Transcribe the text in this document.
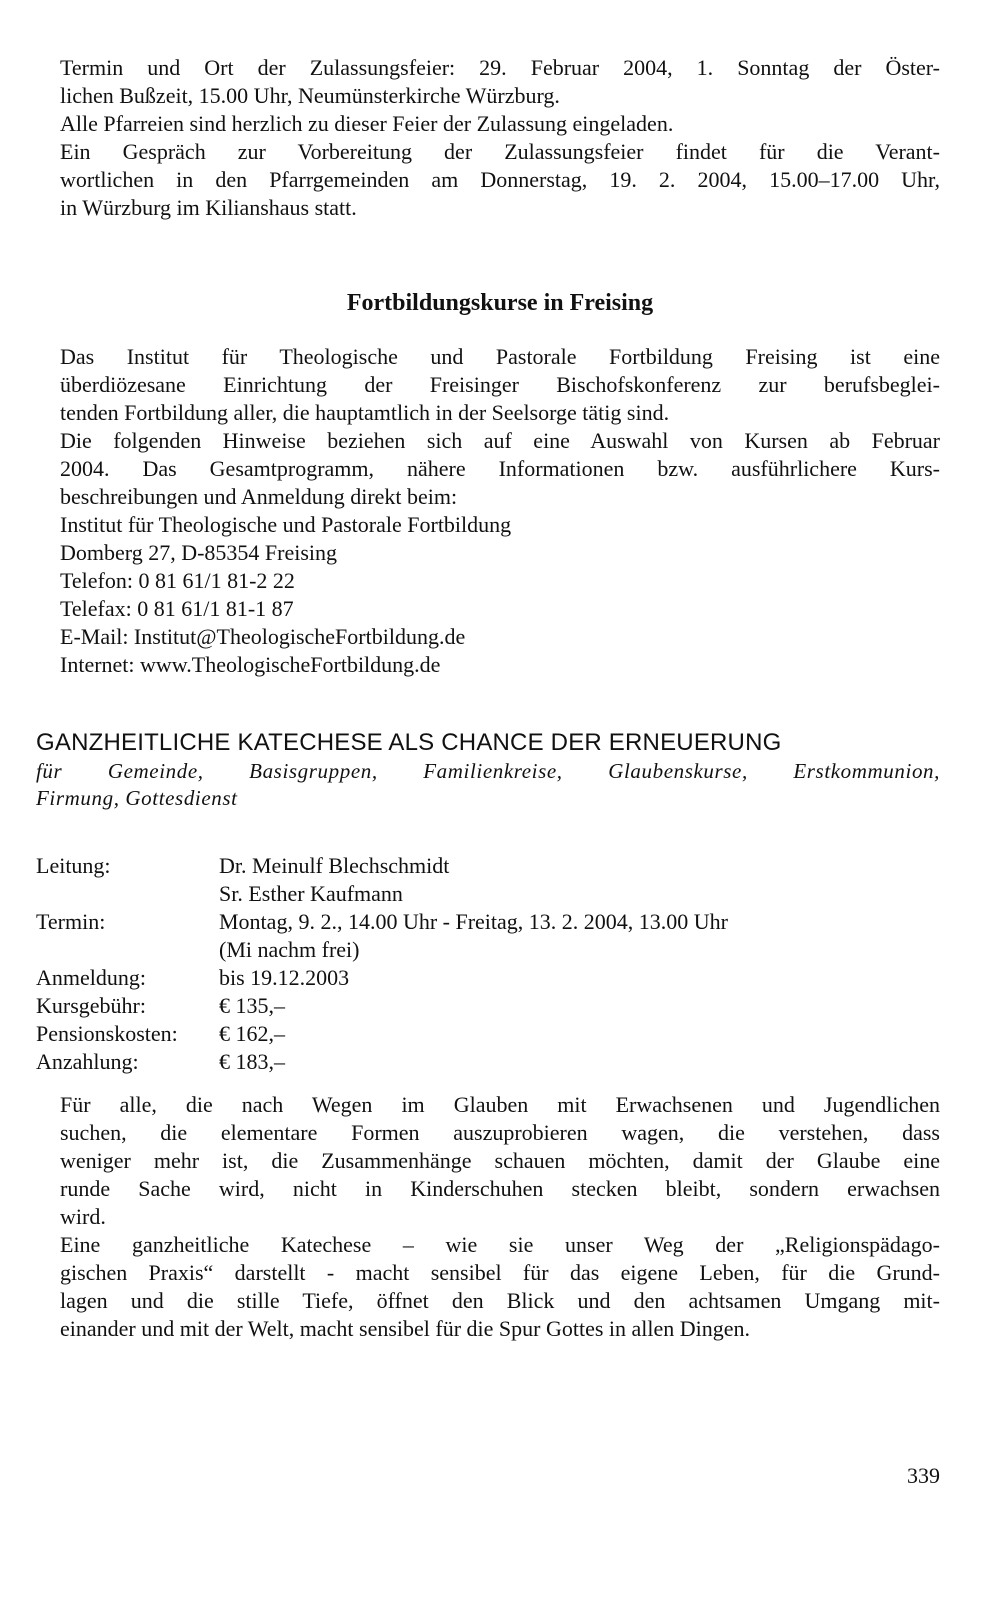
Termin und Ort der Zulassungsfeier: 29. Februar 2004, 1. Sonntag der Öster-

lichen Bußzeit, 15.00 Uhr, Neumünsterkirche Würzburg.

Alle Pfarreien sind herzlich zu dieser Feier der Zulassung eingeladen.

Ein Gespräch zur Vorbereitung der Zulassungsfeier findet für die Verant-

wortlichen in den Pfarrgemeinden am Donnerstag, 19. 2. 2004, 15.00–17.00 Uhr,

in Würzburg im Kilianshaus statt.

Fortbildungskurse in Freising

Das Institut für Theologische und Pastorale Fortbildung Freising ist eine

überdiözesane Einrichtung der Freisinger Bischofskonferenz zur berufsbeglei-

tenden Fortbildung aller, die hauptamtlich in der Seelsorge tätig sind.

Die folgenden Hinweise beziehen sich auf eine Auswahl von Kursen ab Februar

2004. Das Gesamtprogramm, nähere Informationen bzw. ausführlichere Kurs-

beschreibungen und Anmeldung direkt beim:

Institut für Theologische und Pastorale Fortbildung
Domberg 27, D-85354 Freising
Telefon: 0 81 61/1 81-2 22
Telefax: 0 81 61/1 81-1 87
E-Mail: Institut@TheologischeFortbildung.de
Internet: www.TheologischeFortbildung.de
GANZHEITLICHE KATECHESE ALS CHANCE DER ERNEUERUNG
für Gemeinde, Basisgruppen, Familienkreise, Glaubenskurse, Erstkommunion,
Firmung, Gottesdienst
Leitung:	Dr. Meinulf Blechschmidt
	Sr. Esther Kaufmann
Termin:	Montag, 9. 2., 14.00 Uhr - Freitag, 13. 2. 2004, 13.00 Uhr
	(Mi nachm frei)
Anmeldung:	bis 19.12.2003
Kursgebühr:	€ 135,–
Pensionskosten:	€ 162,–
Anzahlung:	€ 183,–

Für alle, die nach Wegen im Glauben mit Erwachsenen und Jugendlichen

suchen, die elementare Formen auszuprobieren wagen, die verstehen, dass

weniger mehr ist, die Zusammenhänge schauen möchten, damit der Glaube eine

runde Sache wird, nicht in Kinderschuhen stecken bleibt, sondern erwachsen

wird.

Eine ganzheitliche Katechese – wie sie unser Weg der „Religionspädago-

gischen Praxis“ darstellt - macht sensibel für das eigene Leben, für die Grund-

lagen und die stille Tiefe, öffnet den Blick und den achtsamen Umgang mit-

einander und mit der Welt, macht sensibel für die Spur Gottes in allen Dingen.

339
